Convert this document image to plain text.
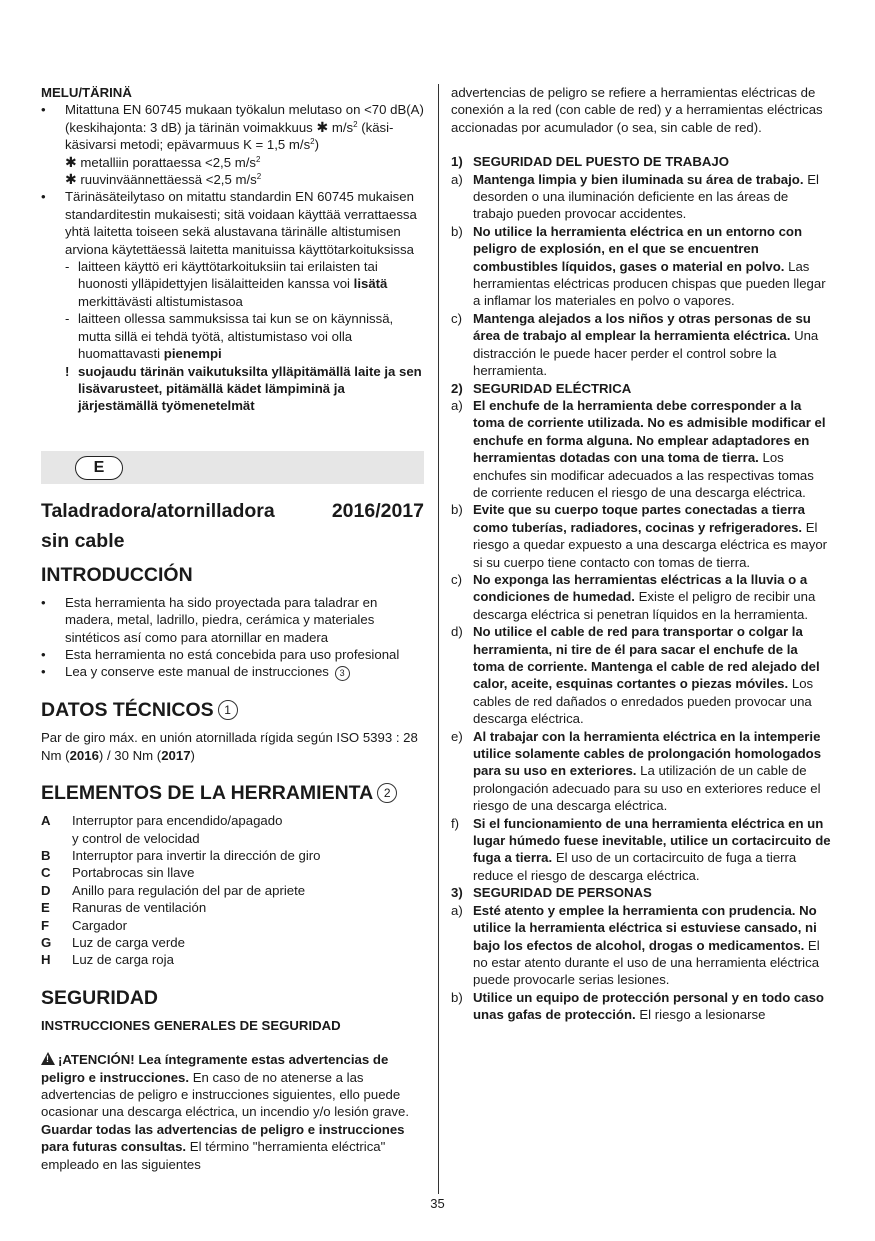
MELU/TÄRINÄ

• Mitattuna EN 60745 mukaan työkalun melutaso on <70 dB(A) (keskihajonta: 3 dB) ja tärinän voimakkuus ✱ $m/s^2$ (käsi-käsivarsi metodi; epävarmuus K = 1,5 $m/s^2$)
✱ metalliin porattaessa <2,5 $m/s^2$
✱ ruuvinväännettäessä <2,5 $m/s^2$
• Tärinäsäteilytaso on mitattu standardin EN 60745 mukaisen standarditestin mukaisesti; sitä voidaan käyttää verrattaessa yhtä laitetta toiseen sekä alustavana tärinälle altistumisen arviona käytettäessä laitetta manituissa käyttötarkoituksissa
- laitteen käyttö eri käyttötarkoituksiin tai erilaisten tai huonosti ylläpidettyjen lisälaitteiden kanssa voi lisätä merkittävästi altistumistasoa
- laitteen ollessa sammuksissa tai kun se on käynnissä, mutta sillä ei tehdä työtä, altistumistaso voi olla huomattavasti pienempi
! suojaudu tärinän vaikutuksilta ylläpitämällä laite ja sen lisävarusteet, pitämällä kädet lämpiminä ja järjestämällä työmenetelmät
E
Taladradora/atornilladora	2016/2017
sin cable
INTRODUCCIÓN
• Esta herramienta ha sido proyectada para taladrar en madera, metal, ladrillo, piedra, cerámica y materiales sintéticos así como para atornillar en madera
• Esta herramienta no está concebida para uso profesional
• Lea y conserve este manual de instrucciones 3
DATOS TÉCNICOS 1

Par de giro máx. en unión atornillada rígida según ISO 5393 : 28 Nm (2016) / 30 Nm (2017)

ELEMENTOS DE LA HERRAMIENTA 2
A	Interruptor para encendido/apagado
y control de velocidad
B	Interruptor para invertir la dirección de giro
C	Portabrocas sin llave
D	Anillo para regulación del par de apriete
E	Ranuras de ventilación
F	Cargador
G	Luz de carga verde
H	Luz de carga roja
SEGURIDAD

INSTRUCCIONES GENERALES DE SEGURIDAD

!¡ATENCIÓN! Lea íntegramente estas advertencias de peligro e instrucciones. En caso de no atenerse a las advertencias de peligro e instrucciones siguientes, ello puede ocasionar una descarga eléctrica, un incendio y/o lesión grave. Guardar todas las advertencias de peligro e instrucciones para futuras consultas. El término "herramienta eléctrica" empleado en las siguientes

advertencias de peligro se refiere a herramientas eléctricas de conexión a la red (con cable de red) y a herramientas eléctricas accionadas por acumulador (o sea, sin cable de red).

1) SEGURIDAD DEL PUESTO DE TRABAJO
a) Mantenga limpia y bien iluminada su área de trabajo. El desorden o una iluminación deficiente en las áreas de trabajo pueden provocar accidentes.
b) No utilice la herramienta eléctrica en un entorno con peligro de explosión, en el que se encuentren combustibles líquidos, gases o material en polvo. Las herramientas eléctricas producen chispas que pueden llegar a inflamar los materiales en polvo o vapores.
c) Mantenga alejados a los niños y otras personas de su área de trabajo al emplear la herramienta eléctrica. Una distracción le puede hacer perder el control sobre la herramienta.
2) SEGURIDAD ELÉCTRICA
a) El enchufe de la herramienta debe corresponder a la toma de corriente utilizada. No es admisible modificar el enchufe en forma alguna. No emplear adaptadores en herramientas dotadas con una toma de tierra. Los enchufes sin modificar adecuados a las respectivas tomas de corriente reducen el riesgo de una descarga eléctrica.
b) Evite que su cuerpo toque partes conectadas a tierra como tuberías, radiadores, cocinas y refrigeradores. El riesgo a quedar expuesto a una descarga eléctrica es mayor si su cuerpo tiene contacto con tomas de tierra.
c) No exponga las herramientas eléctricas a la lluvia o a condiciones de humedad. Existe el peligro de recibir una descarga eléctrica si penetran líquidos en la herramienta.
d) No utilice el cable de red para transportar o colgar la herramienta, ni tire de él para sacar el enchufe de la toma de corriente. Mantenga el cable de red alejado del calor, aceite, esquinas cortantes o piezas móviles. Los cables de red dañados o enredados pueden provocar una descarga eléctrica.
e) Al trabajar con la herramienta eléctrica en la intemperie utilice solamente cables de prolongación homologados para su uso en exteriores. La utilización de un cable de prolongación adecuado para su uso en exteriores reduce el riesgo de una descarga eléctrica.
f)	Si el funcionamiento de una herramienta eléctrica en un lugar húmedo fuese inevitable, utilice un cortacircuito de fuga a tierra. El uso de un cortacircuito de fuga a tierra reduce el riesgo de descarga eléctrica.
3) SEGURIDAD DE PERSONAS
a) Esté atento y emplee la herramienta con prudencia. No utilice la herramienta eléctrica si estuviese cansado, ni bajo los efectos de alcohol, drogas o medicamentos. El no estar atento durante el uso de una herramienta eléctrica puede provocarle serias lesiones.
b) Utilice un equipo de protección personal y en todo caso unas gafas de protección. El riesgo a lesionarse
35
